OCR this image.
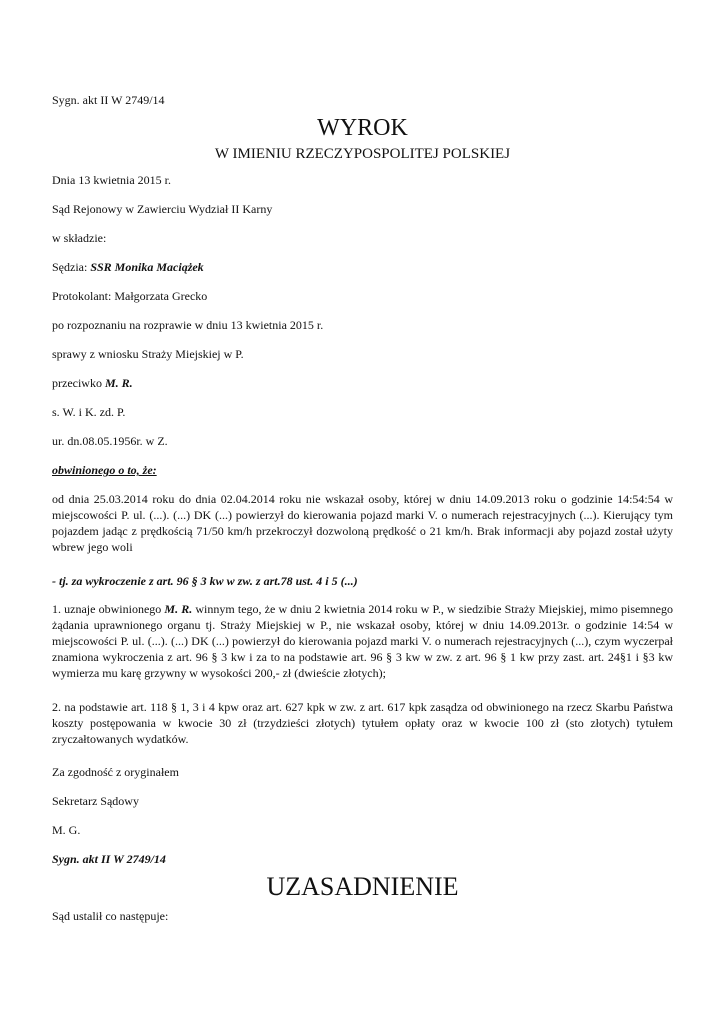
Sygn. akt II W 2749/14

WYROK

W IMIENIU RZECZYPOSPOLITEJ POLSKIEJ

Dnia 13 kwietnia 2015 r.

Sąd Rejonowy w Zawierciu Wydział II Karny

w składzie:

Sędzia: SSR Monika Maciążek

Protokolant: Małgorzata Grecko

po rozpoznaniu na rozprawie w dniu 13 kwietnia 2015 r.

sprawy z wniosku Straży Miejskiej w P.

przeciwko M. R.

s. W. i K. zd. P.

ur. dn.08.05.1956r. w Z.

obwinionego o to, że:

od dnia 25.03.2014 roku do dnia 02.04.2014 roku nie wskazał osoby, której w dniu 14.09.2013 roku o godzinie 14:54:54 w miejscowości P. ul. (...). (...) DK (...) powierzył do kierowania pojazd marki V. o numerach rejestracyjnych (...). Kierujący tym pojazdem jadąc z prędkością 71/50 km/h przekroczył dozwoloną prędkość o 21 km/h. Brak informacji aby pojazd został użyty wbrew jego woli

- tj. za wykroczenie z art. 96 § 3 kw w zw. z art.78 ust. 4 i 5 (...)

1. uznaje obwinionego M. R. winnym tego, że w dniu 2 kwietnia 2014 roku w P., w siedzibie Straży Miejskiej, mimo pisemnego żądania uprawnionego organu tj. Straży Miejskiej w P., nie wskazał osoby, której w dniu 14.09.2013r. o godzinie 14:54 w miejscowości P. ul. (...). (...) DK (...) powierzył do kierowania pojazd marki V. o numerach rejestracyjnych (...), czym wyczerpał znamiona wykroczenia z art. 96 § 3 kw i za to na podstawie art. 96 § 3 kw w zw. z art. 96 § 1 kw przy zast. art. 24§1 i §3 kw wymierza mu karę grzywny w wysokości 200,- zł (dwieście złotych);

2. na podstawie art. 118 § 1, 3 i 4 kpw oraz art. 627 kpk w zw. z art. 617 kpk zasądza od obwinionego na rzecz Skarbu Państwa koszty postępowania w kwocie 30 zł (trzydzieści złotych) tytułem opłaty oraz w kwocie 100 zł (sto złotych) tytułem zryczałtowanych wydatków.

Za zgodność z oryginałem

Sekretarz Sądowy

M. G.

Sygn. akt II W 2749/14

UZASADNIENIE

Sąd ustalił co następuje:
